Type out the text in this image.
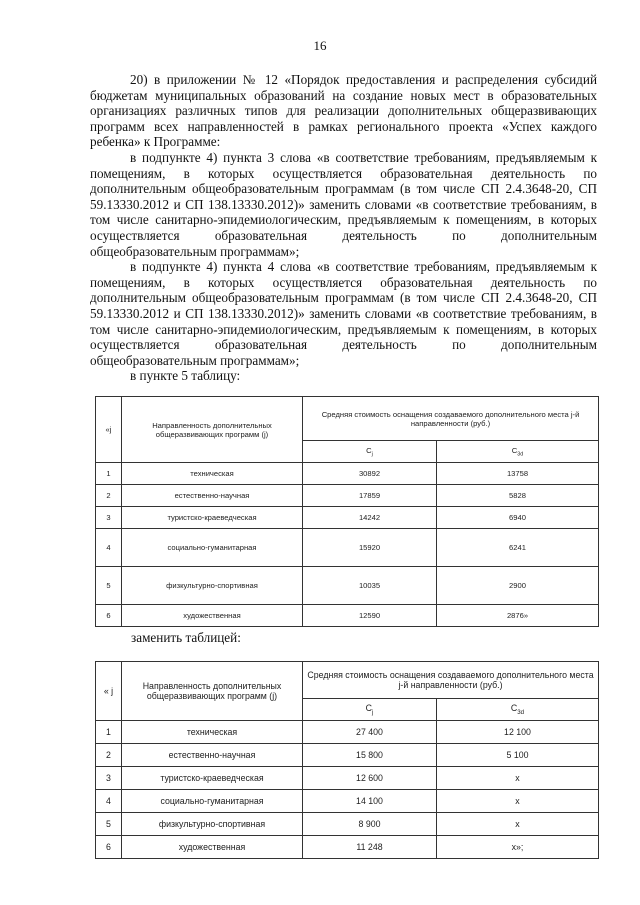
16

20) в приложении № 12 «Порядок предоставления и распределения субсидий бюджетам муниципальных образований на создание новых мест в образовательных организациях различных типов для реализации дополнительных общеразвивающих программ всех направленностей в рамках регионального проекта «Успех каждого ребенка» к Программе:

в подпункте 4) пункта 3 слова «в соответствие требованиям, предъявляемым к помещениям, в которых осуществляется образовательная деятельность по дополнительным общеобразовательным программам (в том числе СП 2.4.3648-20, СП 59.13330.2012 и СП 138.13330.2012)» заменить словами «в соответствие требованиям, в том числе санитарно-эпидемиологическим, предъявляемым к помещениям, в которых осуществляется образовательная деятельность по дополнительным общеобразовательным программам»;

в подпункте 4) пункта 4 слова «в соответствие требованиям, предъявляемым к помещениям, в которых осуществляется образовательная деятельность по дополнительным общеобразовательным программам (в том числе СП 2.4.3648-20, СП 59.13330.2012 и СП 138.13330.2012)» заменить словами «в соответствие требованиям, в том числе санитарно-эпидемиологическим, предъявляемым к помещениям, в которых осуществляется образовательная деятельность по дополнительным общеобразовательным программам»;

в пункте 5 таблицу:

«j	Направленность дополнительных общеразвивающих программ (j)	Средняя стоимость оснащения создаваемого дополнительного места j-й направленности (руб.)	
		$C_j$	$C_{3d}$
1	техническая	30892	13758
2	естественно-научная	17859	5828
3	туристско-краеведческая	14242	6940
4	социально-гуманитарная	15920	6241
5	физкультурно-спортивная	10035	2900
6	художественная	12590	2876»
заменить таблицей:
« j	Направленность дополнительных общеразвивающих программ (j)	Средняя стоимость оснащения создаваемого дополнительного места j-й направленности (руб.)	
		$C_j$	$C_{3d}$
1	техническая	27 400	12 100
2	естественно-научная	15 800	5 100
3	туристско-краеведческая	12 600	х
4	социально-гуманитарная	14 100	х
5	физкультурно-спортивная	8 900	х
6	художественная	11 248	х»;
